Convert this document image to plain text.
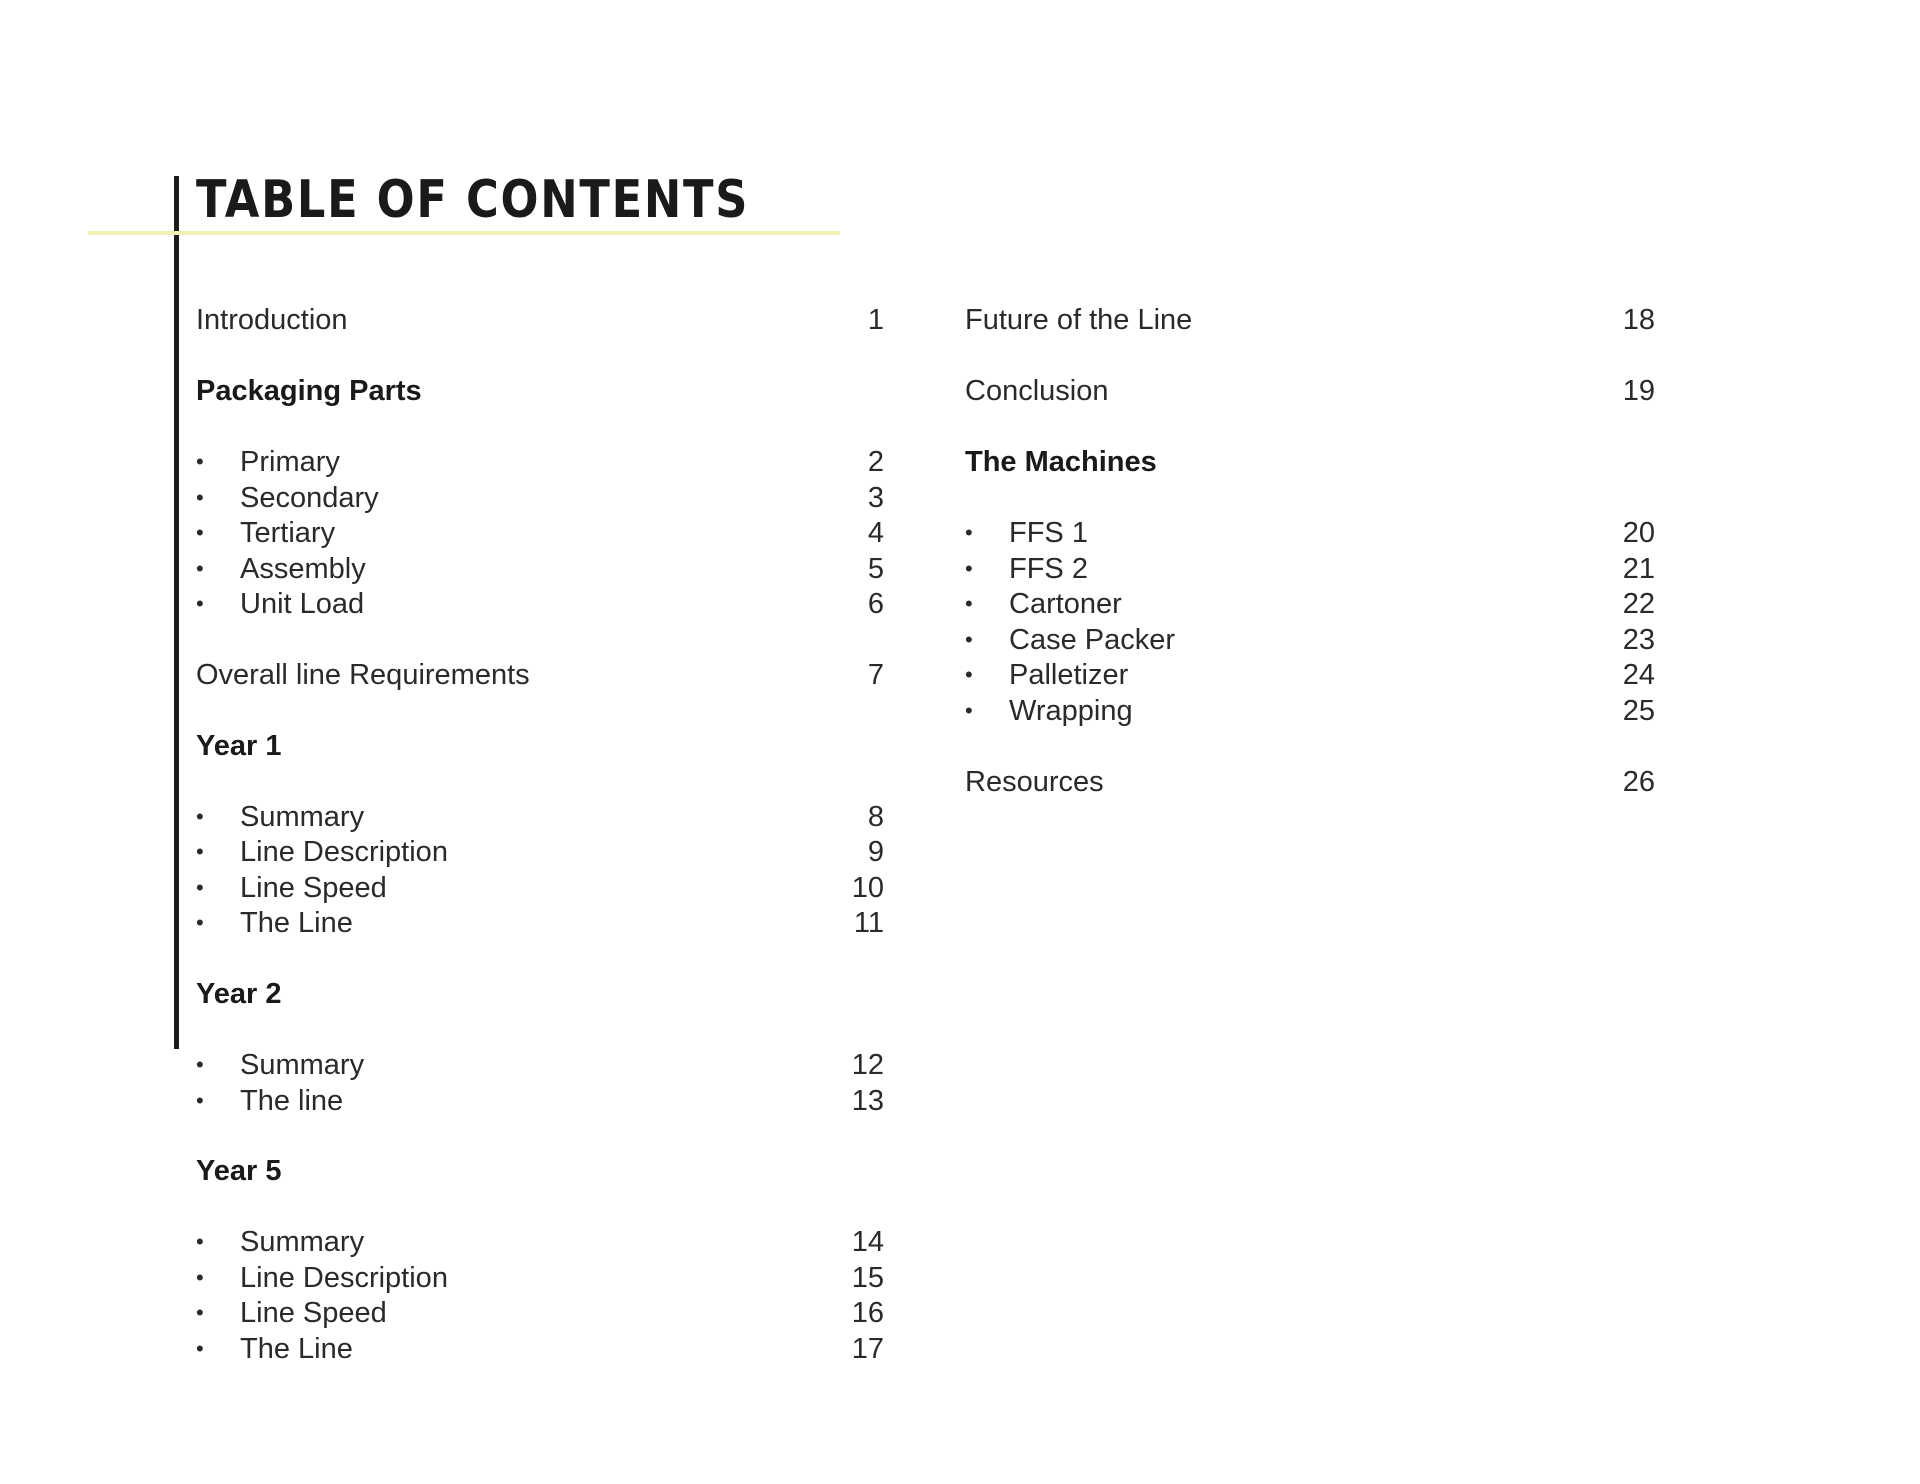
TABLE OF CONTENTS
Introduction	1
Packaging Parts
• Primary	2
• Secondary	3
• Tertiary	4
• Assembly	5
• Unit Load	6
Overall line Requirements	7
Year 1
• Summary	8
• Line Description	9
• Line Speed	10
• The Line	11
Year 2
• Summary	12
• The line	13
Year 5
• Summary	14
• Line Description	15
• Line Speed	16
• The Line	17
Future of the Line	18
Conclusion	19
The Machines
• FFS 1	20
• FFS 2	21
• Cartoner	22
• Case Packer	23
• Palletizer	24
• Wrapping	25
Resources	26
